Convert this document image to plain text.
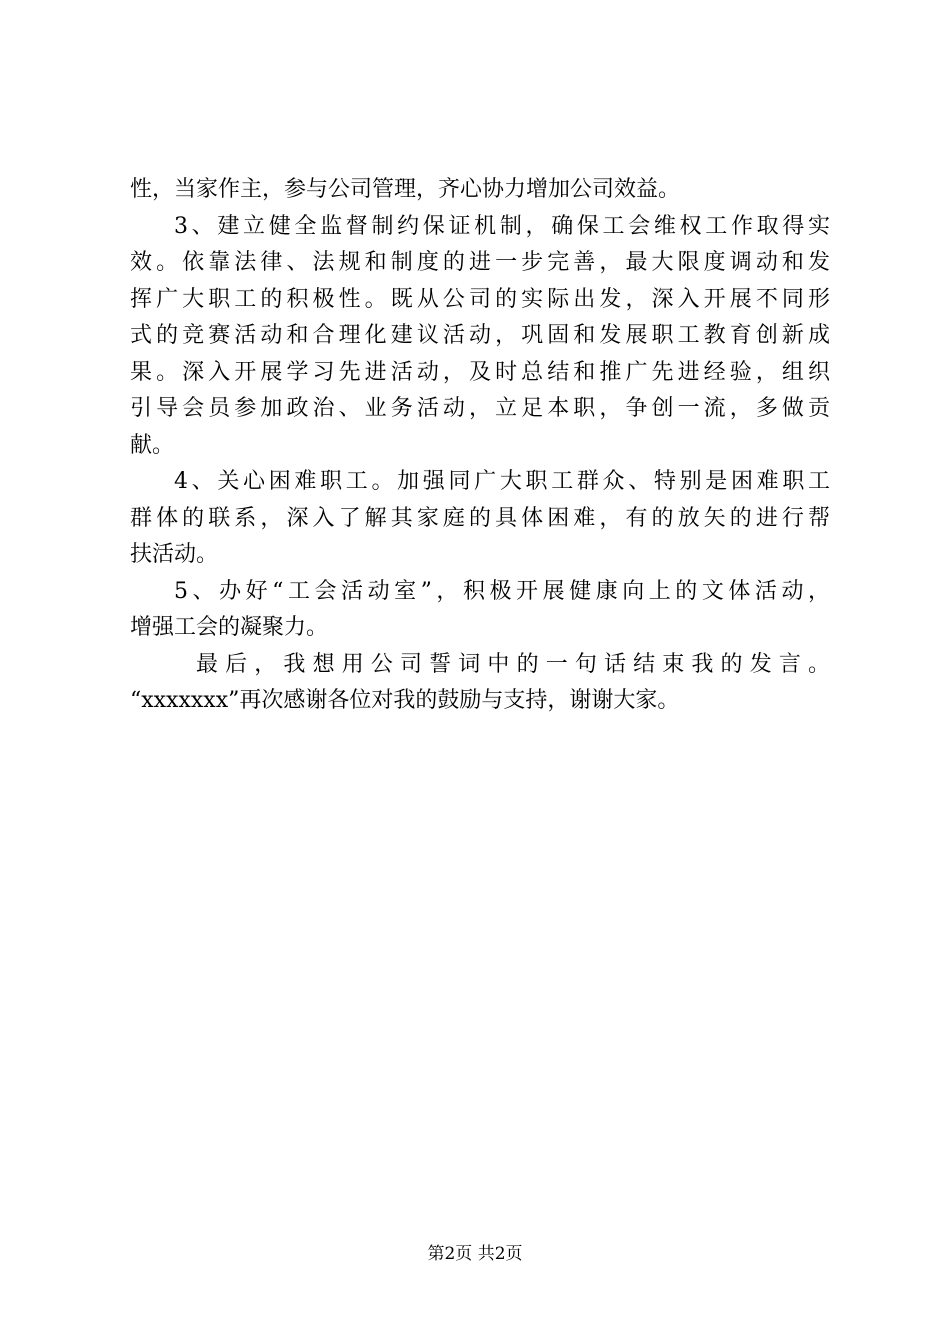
性，当家作主，参与公司管理，齐心协力增加公司效益。
3、建立健全监督制约保证机制，确保工会维权工作取得实
效。依靠法律、法规和制度的进一步完善，最大限度调动和发
挥广大职工的积极性。既从公司的实际出发，深入开展不同形
式的竞赛活动和合理化建议活动，巩固和发展职工教育创新成
果。深入开展学习先进活动，及时总结和推广先进经验，组织
引导会员参加政治、业务活动，立足本职，争创一流，多做贡
献。
4、关心困难职工。加强同广大职工群众、特别是困难职工
群体的联系，深入了解其家庭的具体困难，有的放矢的进行帮
扶活动。
5、办好“工会活动室”，积极开展健康向上的文体活动，
增强工会的凝聚力。
最后，我想用公司誓词中的一句话结束我的发言。
“xxxxxxx”再次感谢各位对我的鼓励与支持，谢谢大家。
第2页 共2页
